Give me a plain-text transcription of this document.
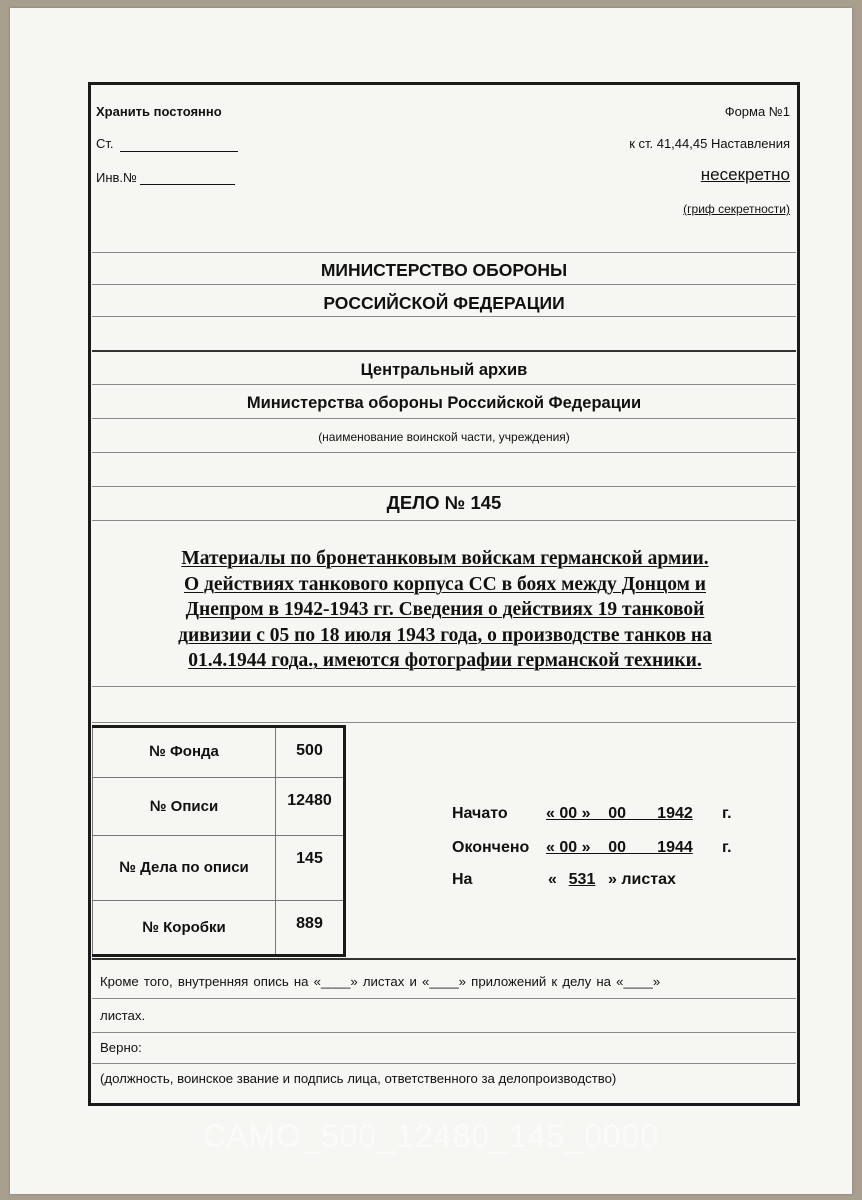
Хранить постоянно	Форма №1
Ст.	к ст. 41,44,45 Наставления
Инв.№	несекретно
(гриф секретности)
МИНИСТЕРСТВО ОБОРОНЫ
РОССИЙСКОЙ ФЕДЕРАЦИИ
Центральный архив
Министерства обороны Российской Федерации
(наименование воинской части, учреждения)
ДЕЛО № 145
Материалы по бронетанковым войскам германской армии.
О действиях танкового корпуса СС в боях между Донцом и
Днепром в 1942-1943 гг. Сведения о действиях 19 танковой
дивизии с 05 по 18 июля 1943 года, о производстве танков на
01.4.1944 года., имеются фотографии германской техники.
№ Фонда	500
№ Описи	12480
№ Дела по описи	145
№ Коробки	889
Начато « 00 »    00       1942 г.
Окончено « 00 »    00       1944 г.
На	« 531 » листах
Кроме того, внутренняя опись на «____» листах и «____» приложений к делу на «____»
листах.
Верно:
(должность, воинское звание и подпись лица, ответственного за делопроизводство)
САМО_500_12480_145_0000
